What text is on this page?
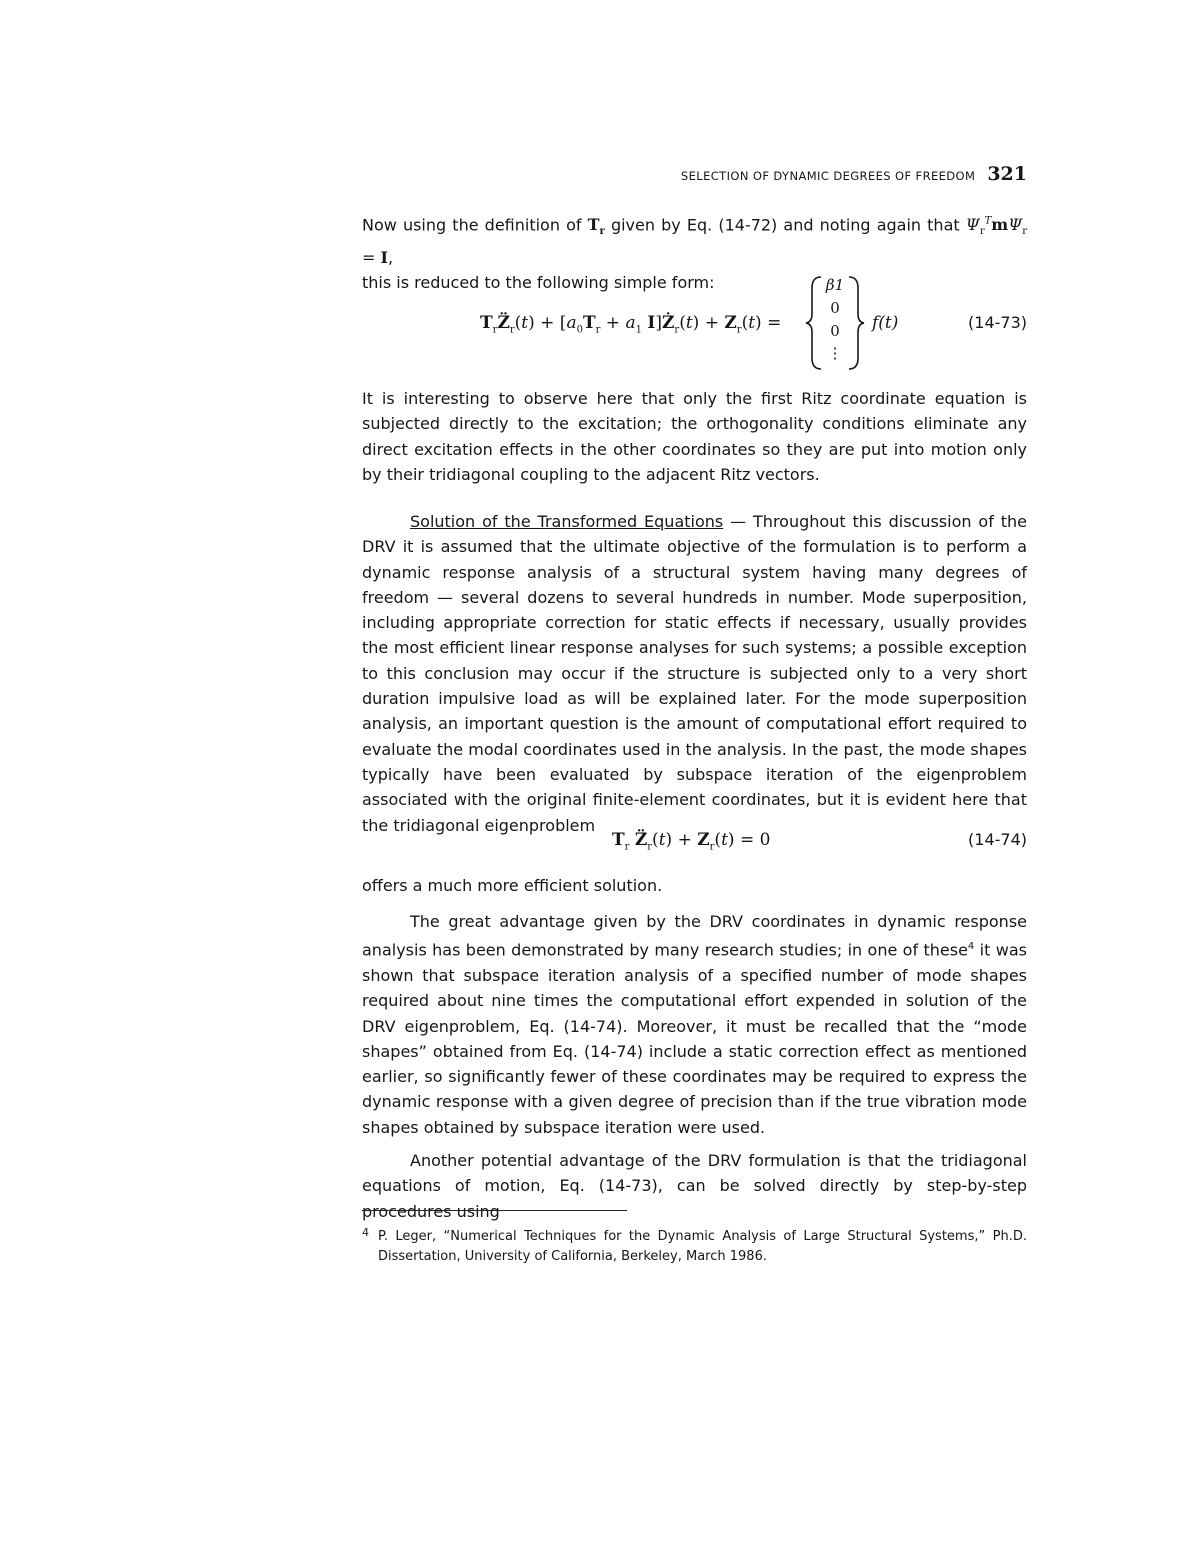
SELECTION OF DYNAMIC DEGREES OF FREEDOM 321

Now using the definition of $T_r$ given by Eq. (14-72) and noting again that $\Psi_r^Tm\Psi_r = I$,
this is reduced to the following simple form:

$T_rZ̈_r(t) + [a_0T_r + a_1$ $I]Ż_r(t) + Z_r(t)$ =	f(t)	(14-73)
β1
0
0
⋮

It is interesting to observe here that only the first Ritz coordinate equation is subjected directly to the excitation; the orthogonality conditions eliminate any direct excitation effects in the other coordinates so they are put into motion only by their tridiagonal coupling to the adjacent Ritz vectors.

Solution of the Transformed Equations — Throughout this discussion of the DRV it is assumed that the ultimate objective of the formulation is to perform a dynamic response analysis of a structural system having many degrees of freedom — several dozens to several hundreds in number. Mode superposition, including appropriate correction for static effects if necessary, usually provides the most efficient linear response analyses for such systems; a possible exception to this conclusion may occur if the structure is subjected only to a very short duration impulsive load as will be explained later. For the mode superposition analysis, an important question is the amount of computational effort required to evaluate the modal coordinates used in the analysis. In the past, the mode shapes typically have been evaluated by subspace iteration of the eigenproblem associated with the original finite-element coordinates, but it is evident here that the tridiagonal eigenproblem

$T_r$ $Z̈_r(t) + Z_r(t) = 0$	(14-74)

offers a much more efficient solution.

The great advantage given by the DRV coordinates in dynamic response analysis has been demonstrated by many research studies; in one of these$^4$ it was shown that subspace iteration analysis of a specified number of mode shapes required about nine times the computational effort expended in solution of the DRV eigenproblem, Eq. (14-74). Moreover, it must be recalled that the “mode shapes” obtained from Eq. (14-74) include a static correction effect as mentioned earlier, so significantly fewer of these coordinates may be required to express the dynamic response with a given degree of precision than if the true vibration mode shapes obtained by subspace iteration were used.

Another potential advantage of the DRV formulation is that the tridiagonal equations of motion, Eq. (14-73), can be solved directly by step-by-step procedures using

4 P. Leger, “Numerical Techniques for the Dynamic Analysis of Large Structural Systems,” Ph.D. Dissertation, University of California, Berkeley, March 1986.
